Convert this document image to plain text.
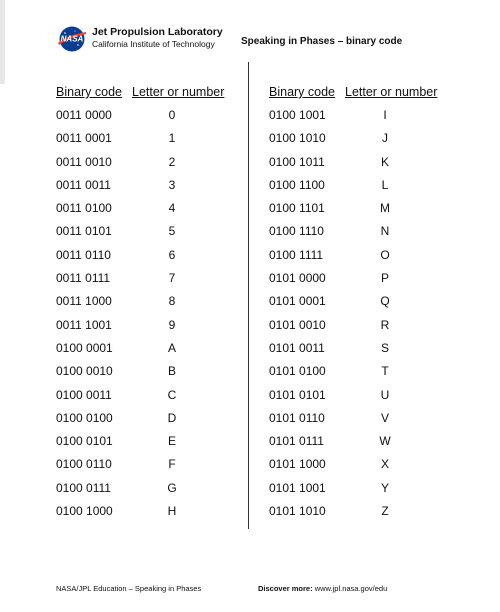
NASA
Jet Propulsion Laboratory
California Institute of Technology	Speaking in Phases – binary code
Binary code Letter or number
0011 0000	0
0011 0001	1
0011 0010	2
0011 0011	3
0011 0100	4
0011 0101	5
0011 0110	6
0011 0111	7
0011 1000	8
0011 1001	9
0100 0001	A
0100 0010	B
0100 0011	C
0100 0100	D
0100 0101	E
0100 0110	F
0100 0111	G
0100 1000	H
Binary code Letter or number
0100 1001	I
0100 1010	J
0100 1011	K
0100 1100	L
0100 1101	M
0100 1110	N
0100 1111	O
0101 0000	P
0101 0001	Q
0101 0010	R
0101 0011	S
0101 0100	T
0101 0101	U
0101 0110	V
0101 0111	W
0101 1000	X
0101 1001	Y
0101 1010	Z
NASA/JPL Education – Speaking in Phases	Discover more: www.jpl.nasa.gov/edu
